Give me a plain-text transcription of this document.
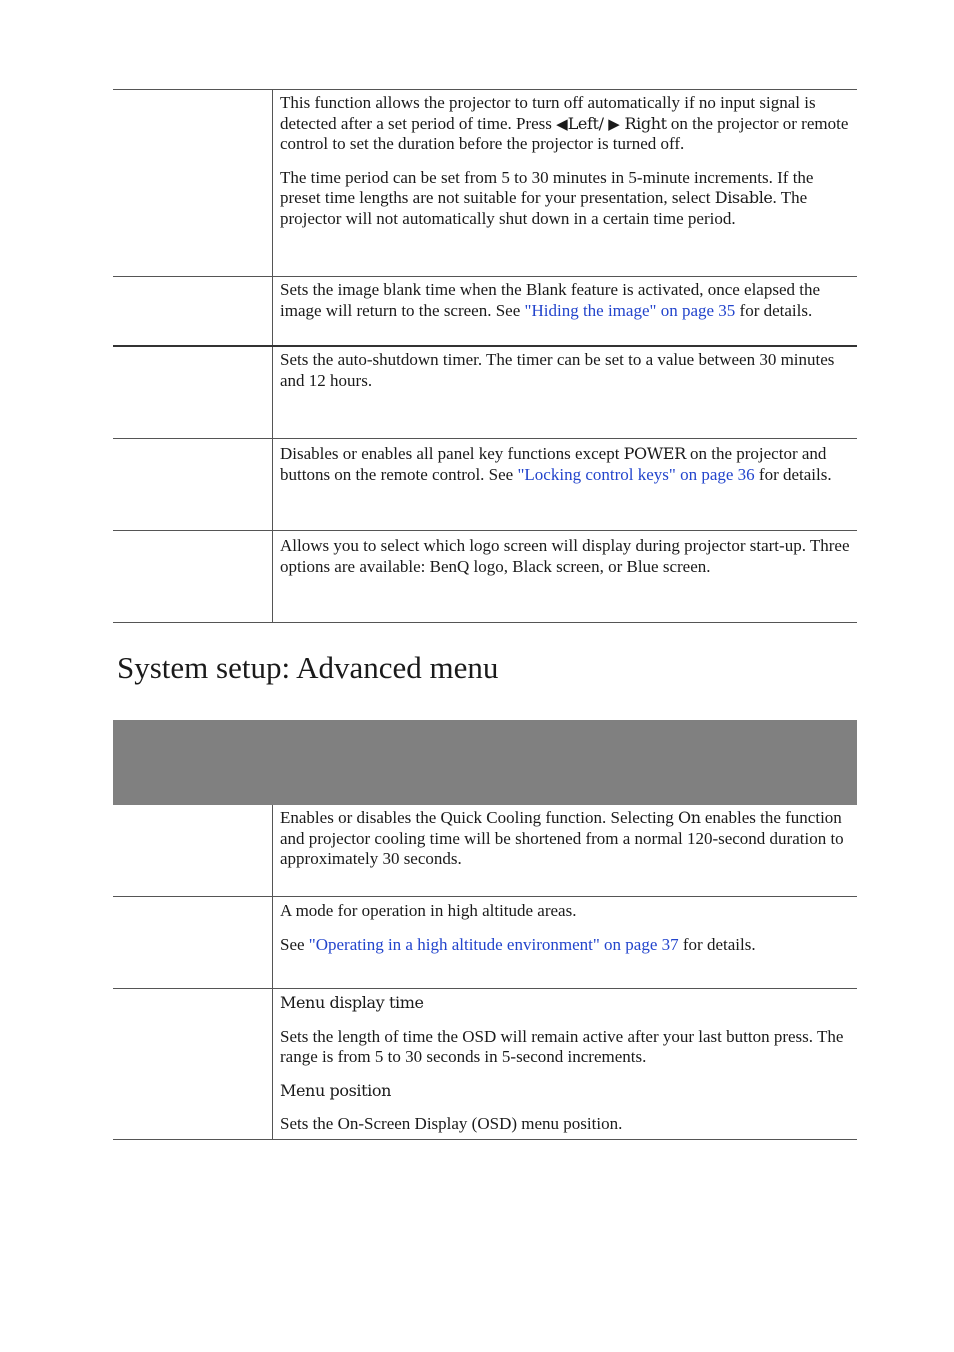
	This function allows the projector to turn off automatically if no input signal is detected after a set period of time. Press ◀Left/ ▶ Right on the projector or remote control to set the duration before the projector is turned off.

The time period can be set from 5 to 30 minutes in 5-minute increments. If the preset time lengths are not suitable for your presentation, select Disable. The projector will not automatically shut down in a certain time period.

	Sets the image blank time when the Blank feature is activated, once elapsed the image will return to the screen. See "Hiding the image" on page 35 for details.

	Sets the auto-shutdown timer. The timer can be set to a value between 30 minutes and 12 hours.

	Disables or enables all panel key functions except POWER on the projector and buttons on the remote control. See "Locking control keys" on page 36 for details.

	Allows you to select which logo screen will display during projector start-up. Three options are available: BenQ logo, Black screen, or Blue screen.

System setup: Advanced menu

	Enables or disables the Quick Cooling function. Selecting On enables the function and projector cooling time will be shortened from a normal 120-second duration to approximately 30 seconds.

	A mode for operation in high altitude areas.

See "Operating in a high altitude environment" on page 37 for details.

	Menu display time

Sets the length of time the OSD will remain active after your last button press. The range is from 5 to 30 seconds in 5-second increments.

Menu position

Sets the On-Screen Display (OSD) menu position.
